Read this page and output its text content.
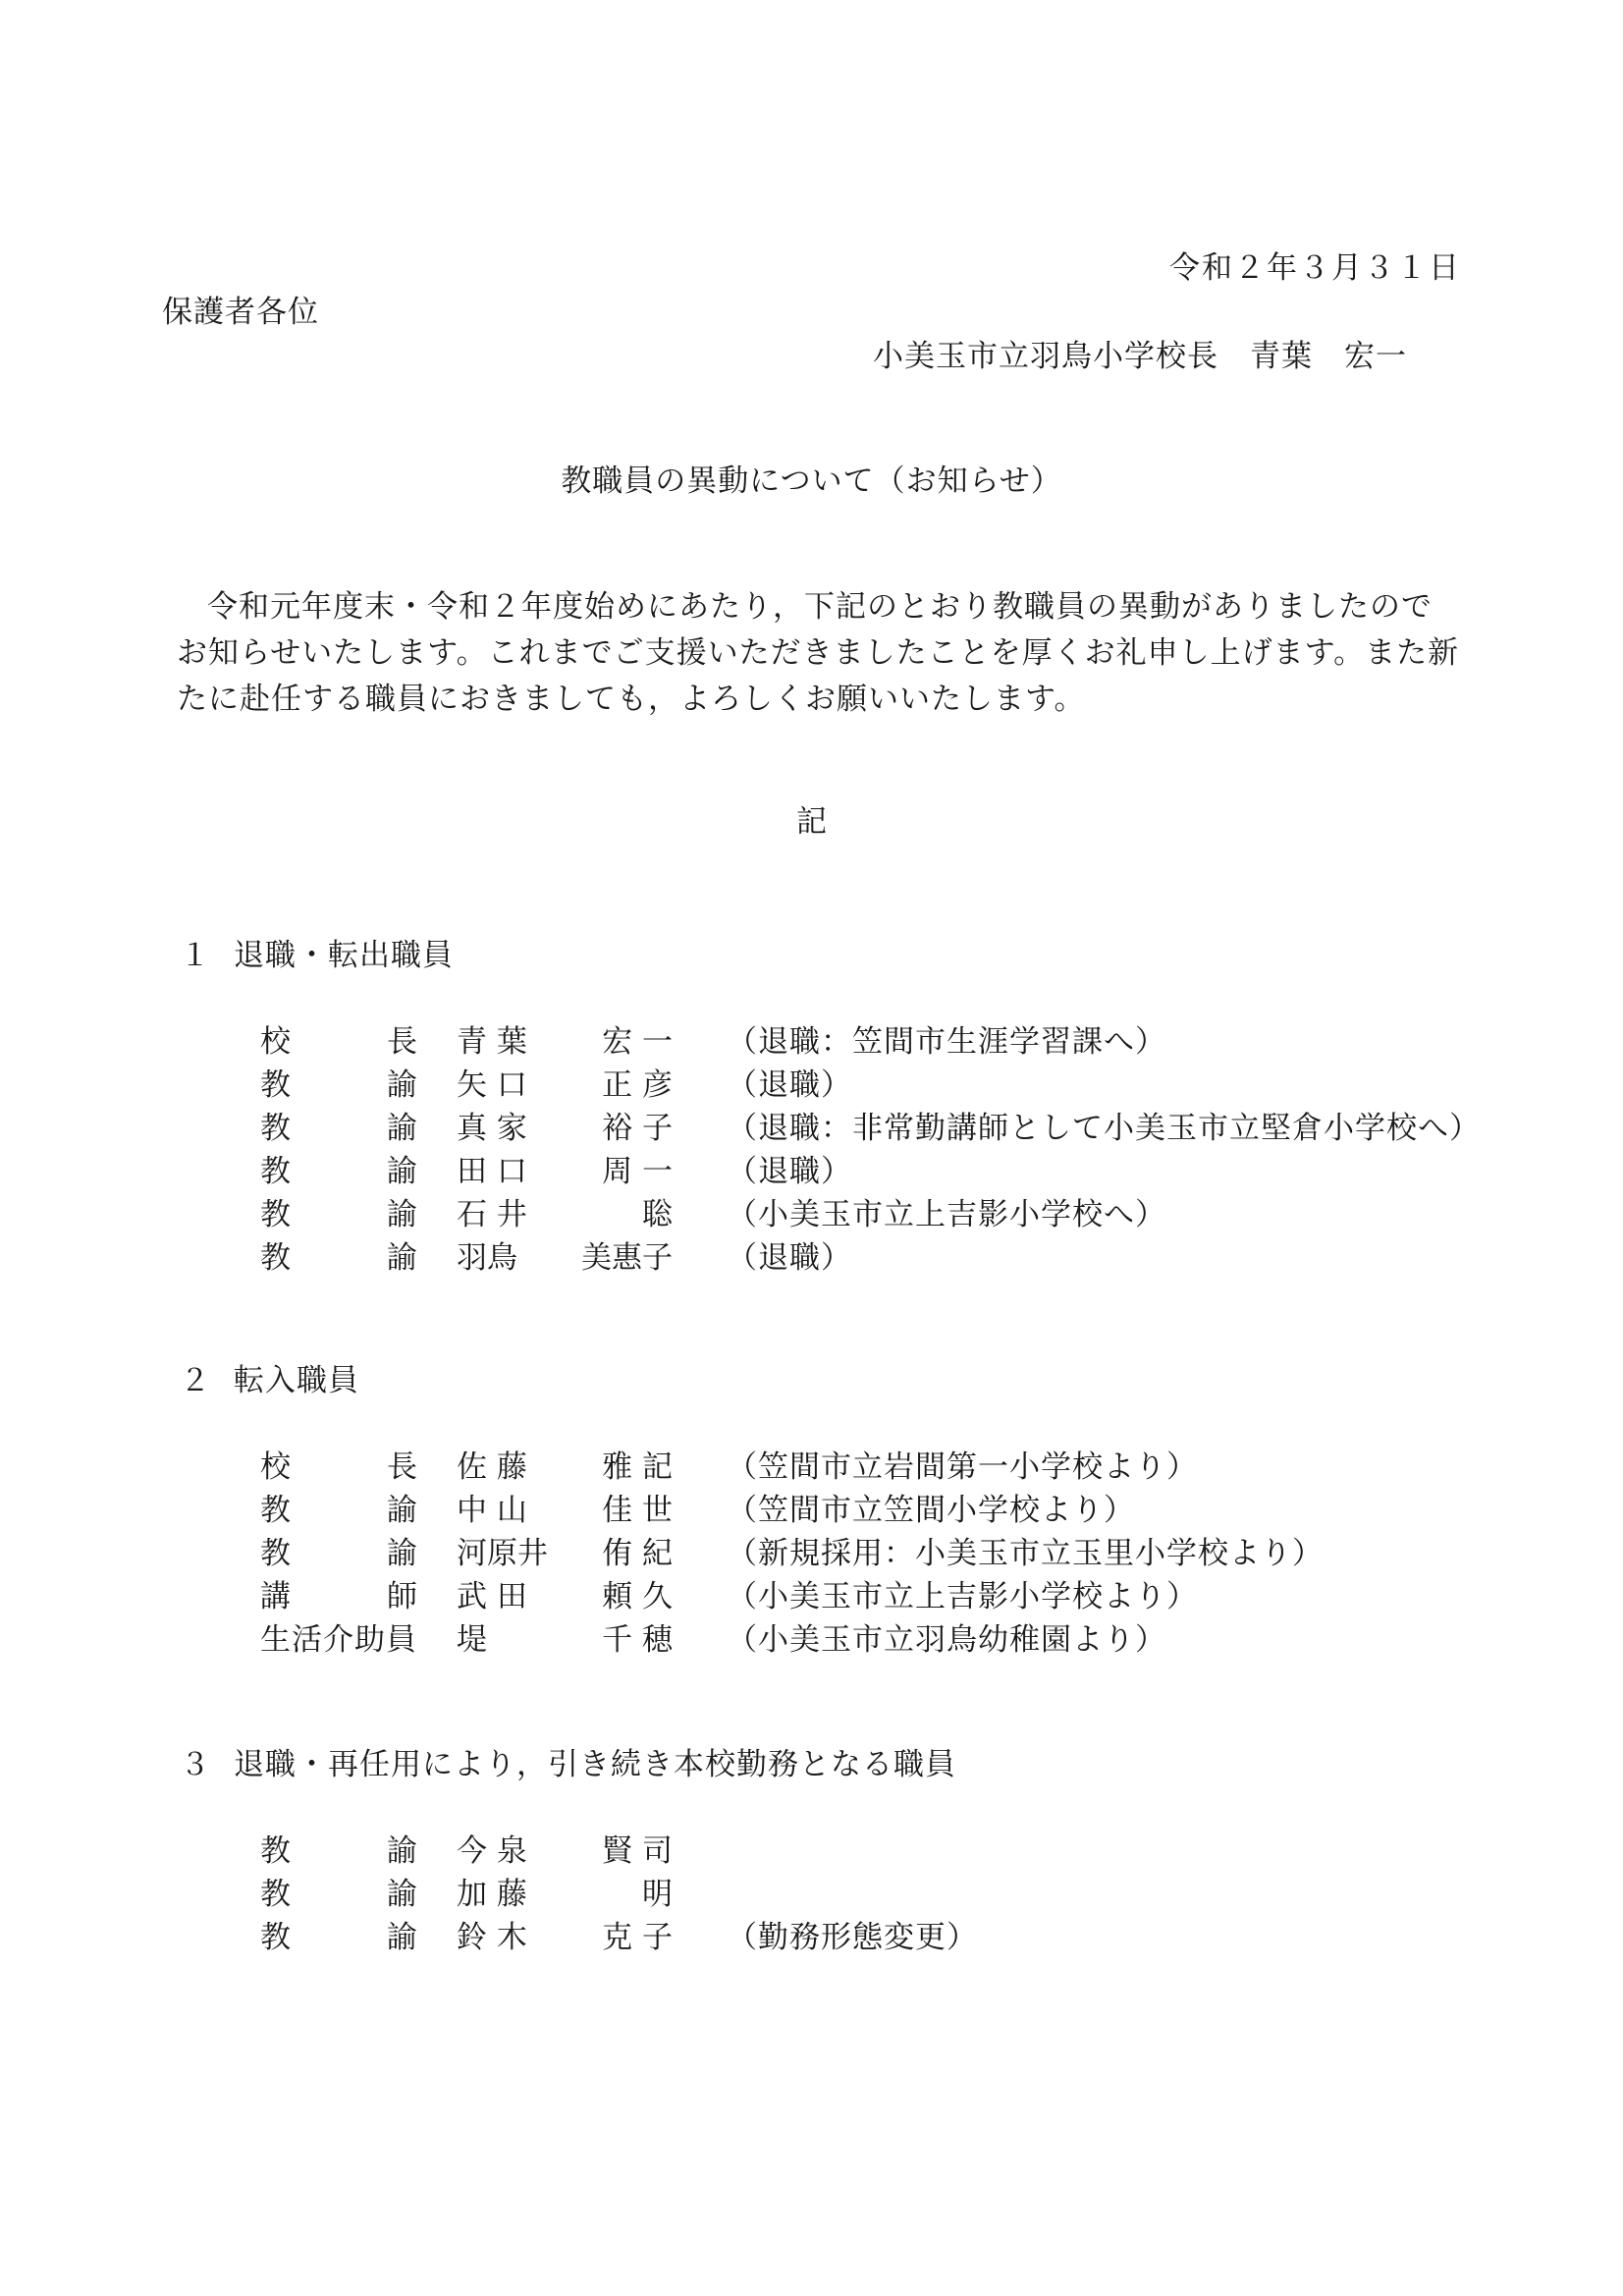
令和２年３月３１日
保護者各位
小美玉市立羽鳥小学校長　青葉　宏一
教職員の異動について（お知らせ）
令和元年度末・令和２年度始めにあたり，下記のとおり教職員の異動がありましたのでお知らせいたします。これまでご支援いただきましたことを厚くお礼申し上げます。また新たに赴任する職員におきましても，よろしくお願いいたします。
記
１ 退職・転出職員
校	長 青 葉 宏 一 （退職：笠間市生涯学習課へ）
教	諭 矢 口 正 彦 （退職）
教	諭 真 家 裕 子 （退職：非常勤講師として小美玉市立堅倉小学校へ）
教	諭 田 口 周 一 （退職）
教	諭 石 井	聡 （小美玉市立上吉影小学校へ）
教	諭 羽鳥 美惠子 （退職）
２ 転入職員
校	長 佐 藤 雅 記 （笠間市立岩間第一小学校より）
教	諭 中 山 佳 世 （笠間市立笠間小学校より）
教	諭 河原井 侑 紀 （新規採用：小美玉市立玉里小学校より）
講	師 武 田 頼 久 （小美玉市立上吉影小学校より）
生活介助員 堤	千 穂 （小美玉市立羽鳥幼稚園より）
３ 退職・再任用により，引き続き本校勤務となる職員
教	諭 今 泉 賢 司
教	諭 加 藤	明
教	諭 鈴 木 克 子 （勤務形態変更）
